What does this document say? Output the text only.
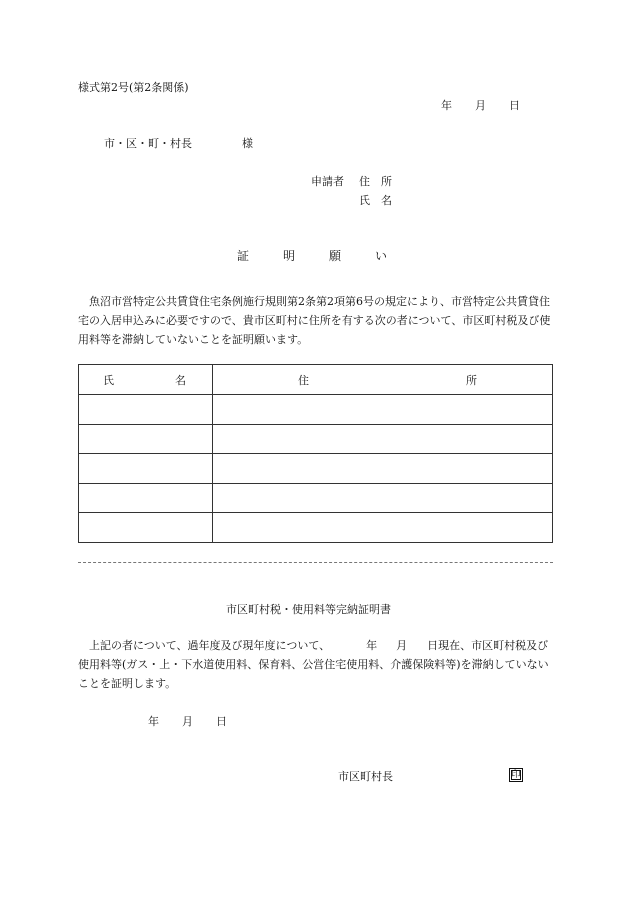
様式第2号(第2条関係)
年 月 日
市・区・町・村長	様
申請者 住　所
氏　名
証	明	願	い
魚沼市営特定公共賃貸住宅条例施行規則第2条第2項第6号の規定により、市営特定公共賃貸住宅の入居申込みに必要ですので、貴市区町村に住所を有する次の者について、市区町村税及び使用料等を滞納していないことを証明願います。
氏 名	住 所

市区町村税・使用料等完納証明書
上記の者について、過年度及び現年度について、	年 月 日現在、市区町村税及び使用料等(ガス・上・下水道使用料、保育料、公営住宅使用料、介護保険料等)を滞納していないことを証明します。
年 月 日
市区町村長	印
